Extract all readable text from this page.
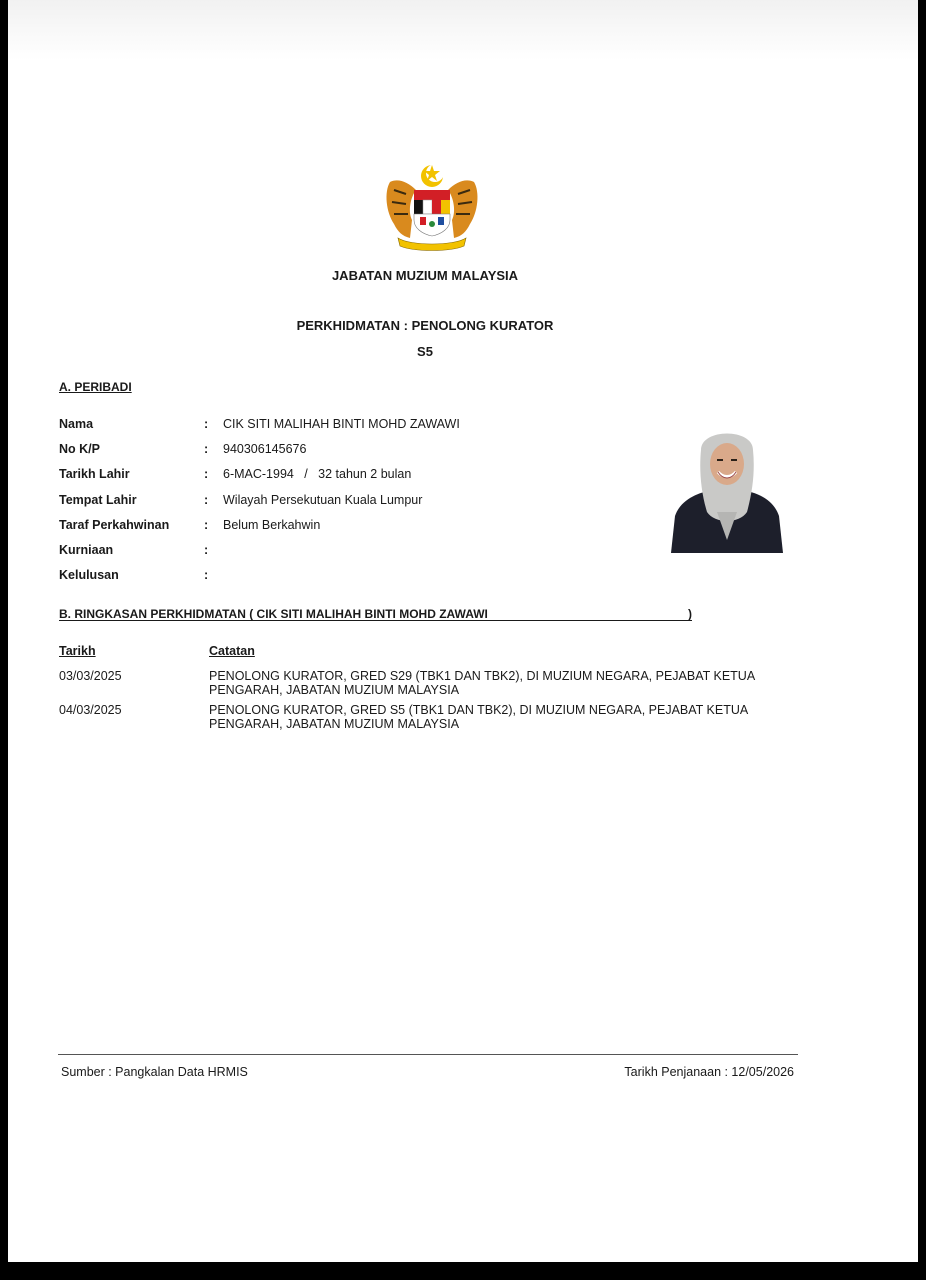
JABATAN MUZIUM MALAYSIA
PERKHIDMATAN : PENOLONG KURATOR
S5
A. PERIBADI
Nama	: CIK SITI MALIHAH BINTI MOHD ZAWAWI
No K/P	: 940306145676
Tarikh Lahir	: 6-MAC-1994   /   32 tahun 2 bulan
Tempat Lahir	: Wilayah Persekutuan Kuala Lumpur
Taraf Perkahwinan	: Belum Berkahwin
Kurniaan	:
Kelulusan	:
B. RINGKASAN PERKHIDMATAN ( CIK SITI MALIHAH BINTI MOHD ZAWAWI	)
Tarikh	Catatan
03/03/2025	PENOLONG KURATOR, GRED S29 (TBK1 DAN TBK2), DI MUZIUM NEGARA, PEJABAT KETUA PENGARAH, JABATAN MUZIUM MALAYSIA
04/03/2025	PENOLONG KURATOR, GRED S5 (TBK1 DAN TBK2), DI MUZIUM NEGARA, PEJABAT KETUA PENGARAH, JABATAN MUZIUM MALAYSIA
Sumber : Pangkalan Data HRMIS	Tarikh Penjanaan : 12/05/2026
